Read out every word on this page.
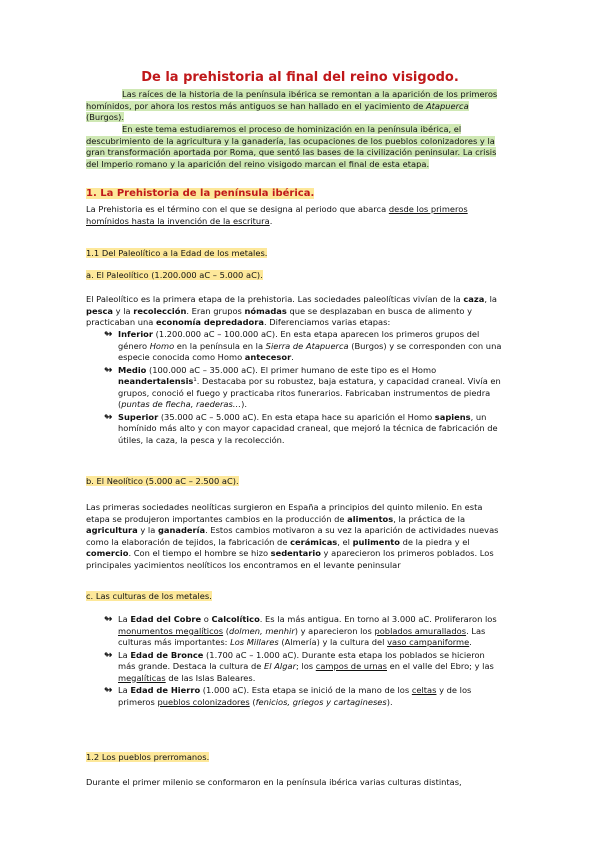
De la prehistoria al final del reino visigodo.
Las raíces de la historia de la península ibérica se remontan a la aparición de los primeros homínidos, por ahora los restos más antiguos se han hallado en el yacimiento de Atapuerca (Burgos).
En este tema estudiaremos el proceso de hominización en la península ibérica, el descubrimiento de la agricultura y la ganadería, las ocupaciones de los pueblos colonizadores y la gran transformación aportada por Roma, que sentó las bases de la civilización peninsular. La crisis del Imperio romano y la aparición del reino visigodo marcan el final de esta etapa.
1. La Prehistoria de la península ibérica.
La Prehistoria es el término con el que se designa al periodo que abarca desde los primeros homínidos hasta la invención de la escritura.
1.1 Del Paleolítico a la Edad de los metales.
a. El Paleolítico (1.200.000 aC – 5.000 aC).
El Paleolítico es la primera etapa de la prehistoria. Las sociedades paleolíticas vivían de la caza, la pesca y la recolección. Eran grupos nómadas que se desplazaban en busca de alimento y practicaban una economía depredadora. Diferenciamos varias etapas:
↬ Inferior (1.200.000 aC – 100.000 aC). En esta etapa aparecen los primeros grupos del género Homo en la península en la Sierra de Atapuerca (Burgos) y se corresponden con una especie conocida como Homo antecesor.
↬ Medio (100.000 aC – 35.000 aC). El primer humano de este tipo es el Homo neandertalensis¹. Destacaba por su robustez, baja estatura, y capacidad craneal. Vivía en grupos, conoció el fuego y practicaba ritos funerarios. Fabricaban instrumentos de piedra (puntas de flecha, raederas…).
↬ Superior (35.000 aC – 5.000 aC). En esta etapa hace su aparición el Homo sapiens, un homínido más alto y con mayor capacidad craneal, que mejoró la técnica de fabricación de útiles, la caza, la pesca y la recolección.
b. El Neolítico (5.000 aC – 2.500 aC).
Las primeras sociedades neolíticas surgieron en España a principios del quinto milenio. En esta etapa se produjeron importantes cambios en la producción de alimentos, la práctica de la agricultura y la ganadería. Estos cambios motivaron a su vez la aparición de actividades nuevas como la elaboración de tejidos, la fabricación de cerámicas, el pulimento de la piedra y el comercio. Con el tiempo el hombre se hizo sedentario y aparecieron los primeros poblados. Los principales yacimientos neolíticos los encontramos en el levante peninsular
c. Las culturas de los metales.
↬ La Edad del Cobre o Calcolítico. Es la más antigua. En torno al 3.000 aC. Proliferaron los monumentos megalíticos (dolmen, menhir) y aparecieron los poblados amurallados. Las culturas más importantes: Los Millares (Almería) y la cultura del vaso campaniforme.
↬ La Edad de Bronce (1.700 aC – 1.000 aC). Durante esta etapa los poblados se hicieron más grande. Destaca la cultura de El Algar; los campos de urnas en el valle del Ebro; y las megalíticas de las Islas Baleares.
↬ La Edad de Hierro (1.000 aC). Esta etapa se inició de la mano de los celtas y de los primeros pueblos colonizadores (fenicios, griegos y cartagineses).
1.2 Los pueblos prerromanos.
Durante el primer milenio se conformaron en la península ibérica varias culturas distintas,
